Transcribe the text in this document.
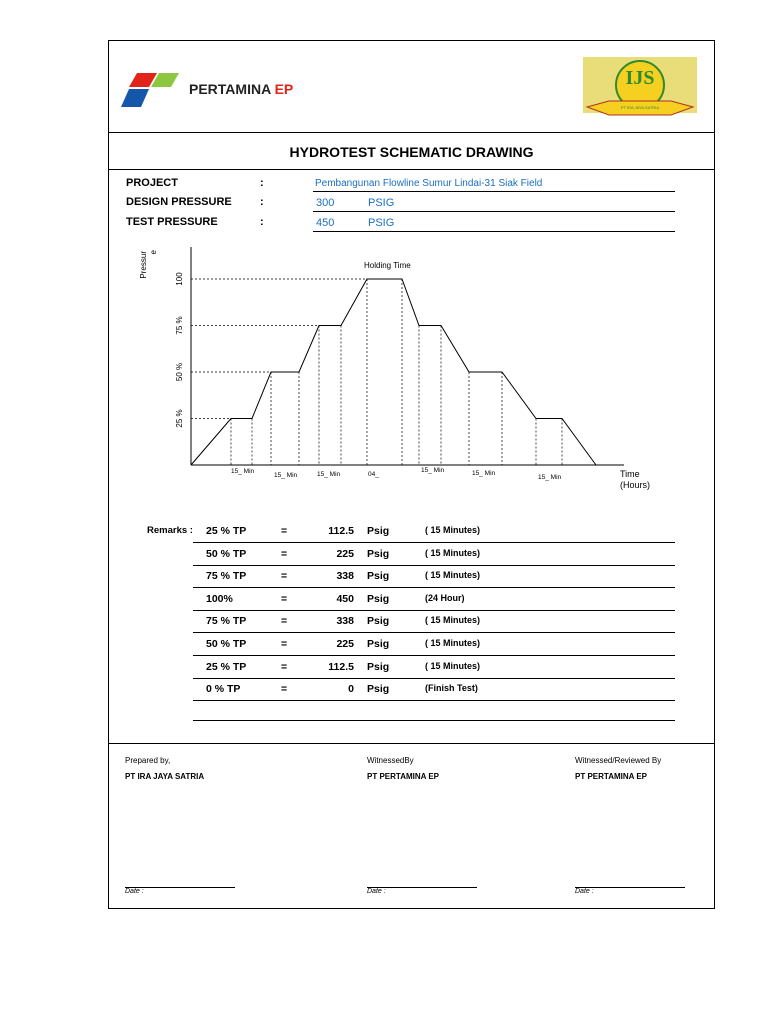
PERTAMINA EP	IJS
PT IRA JAYA SATRIA
HYDROTEST SCHEMATIC DRAWING
PROJECT	:	Pembangunan Flowline Sumur Lindai-31 Siak Field
DESIGN PRESSURE	:	300	PSIG
TEST PRESSURE	:	450	PSIG
Pressur e
Time
(Hours)
Holding Time
25 %
50 %
75 %
100
15_ Min
15_ Min	15_ Min	04_
15_ Min	15_ Min
15_ Min
Remarks : 25 % TP	=	112.5 Psig	( 15 Minutes)
50 % TP	=	225 Psig	( 15 Minutes)
75 % TP	=	338 Psig	( 15 Minutes)
100%	=	450 Psig	(24 Hour)
75 % TP	=	338 Psig	( 15 Minutes)
50 % TP	=	225 Psig	( 15 Minutes)
25 % TP	=	112.5 Psig	( 15 Minutes)
0 % TP	=	0 Psig	(Finish Test)
Prepared by,
PT IRA JAYA SATRIA
Date :
WitnessedBy
PT PERTAMINA EP
Date :
Witnessed/Reviewed By
PT PERTAMINA EP
Date :
